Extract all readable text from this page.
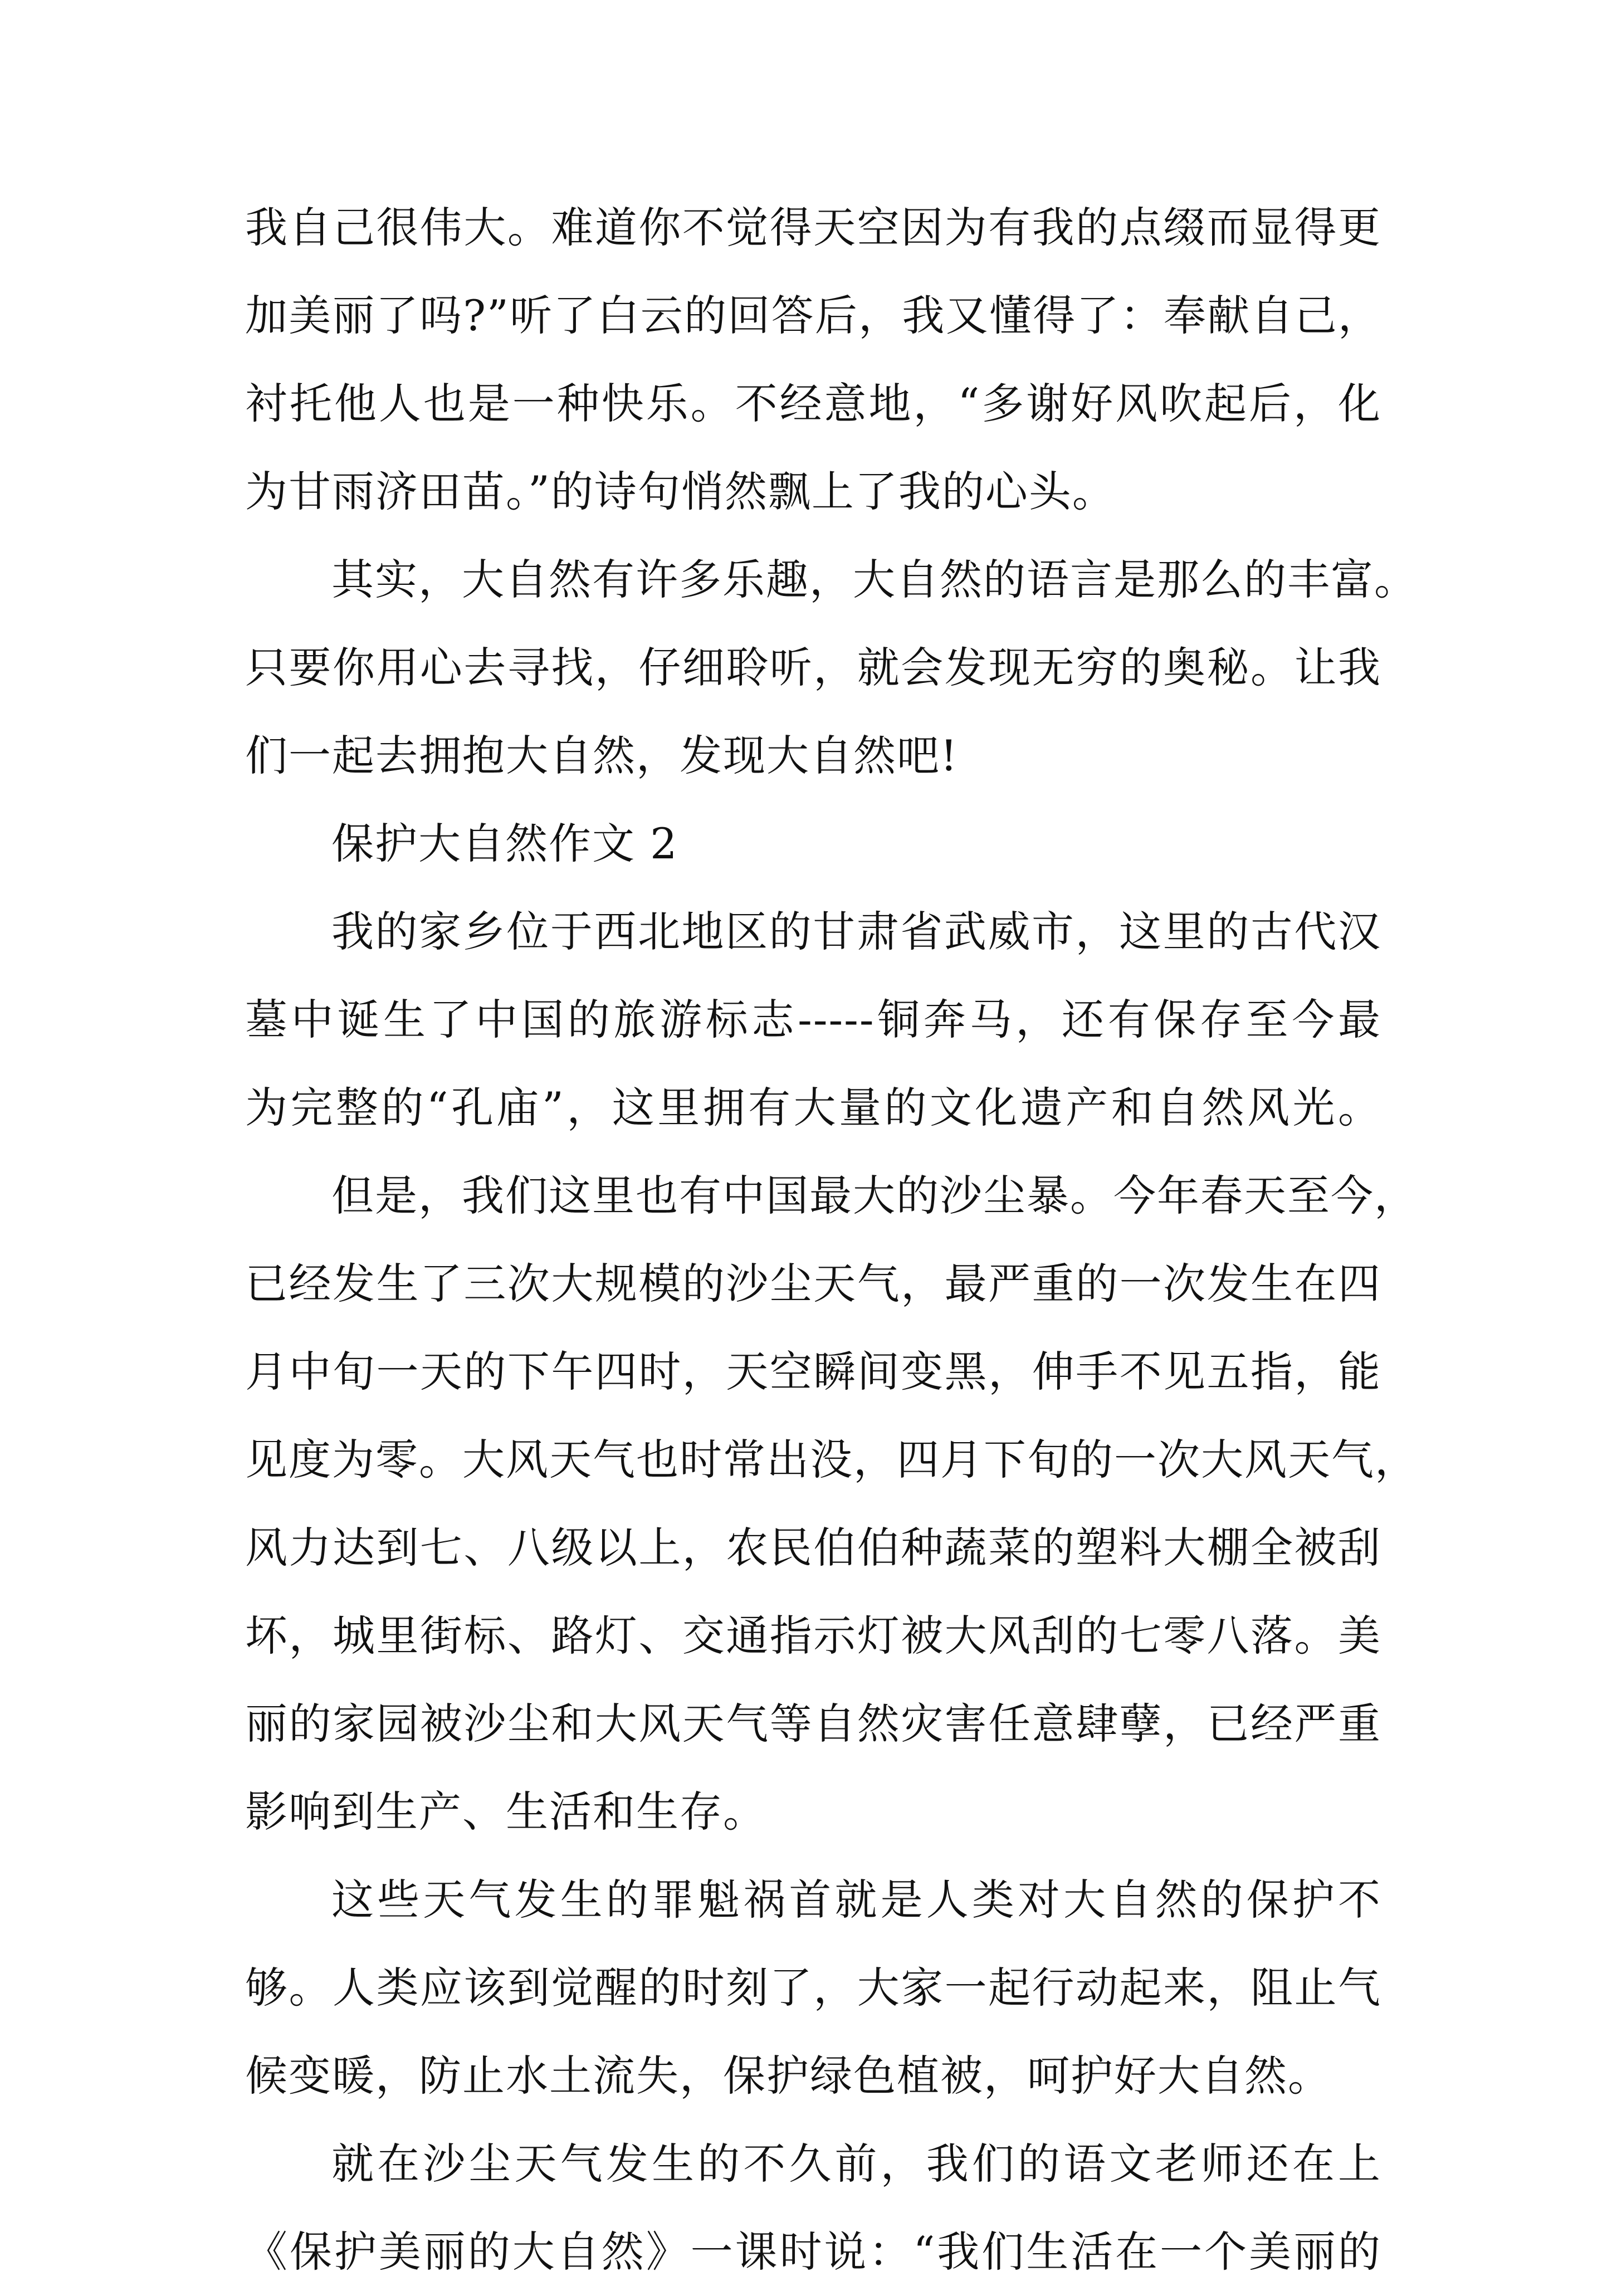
我自己很伟大。难道你不觉得天空因为有我的点缀而显得更
加美丽了吗?”听了白云的回答后，我又懂得了：奉献自己，
衬托他人也是一种快乐。不经意地，“多谢好风吹起后，化
为甘雨济田苗。”的诗句悄然飘上了我的心头。
其实，大自然有许多乐趣，大自然的语言是那么的丰富。
只要你用心去寻找，仔细聆听，就会发现无穷的奥秘。让我
们一起去拥抱大自然，发现大自然吧!
保护大自然作文 2
我的家乡位于西北地区的甘肃省武威市，这里的古代汉
墓中诞生了中国的旅游标志-----铜奔马，还有保存至今最
为完整的“孔庙”，这里拥有大量的文化遗产和自然风光。
但是，我们这里也有中国最大的沙尘暴。今年春天至今，
已经发生了三次大规模的沙尘天气，最严重的一次发生在四
月中旬一天的下午四时，天空瞬间变黑，伸手不见五指，能
见度为零。大风天气也时常出没，四月下旬的一次大风天气，
风力达到七、八级以上，农民伯伯种蔬菜的塑料大棚全被刮
坏，城里街标、路灯、交通指示灯被大风刮的七零八落。美
丽的家园被沙尘和大风天气等自然灾害任意肆孽，已经严重
影响到生产、生活和生存。
这些天气发生的罪魁祸首就是人类对大自然的保护不
够。人类应该到觉醒的时刻了，大家一起行动起来，阻止气
候变暖，防止水土流失，保护绿色植被，呵护好大自然。
就在沙尘天气发生的不久前，我们的语文老师还在上
《保护美丽的大自然》一课时说：“我们生活在一个美丽的
